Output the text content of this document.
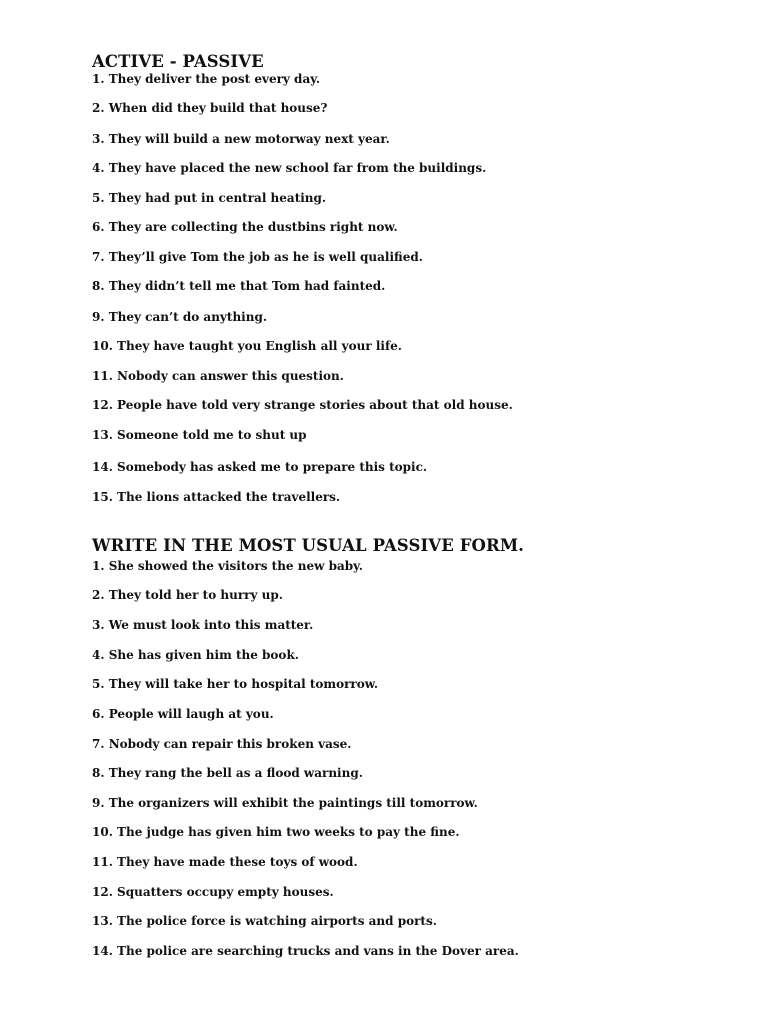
ACTIVE - PASSIVE
1. They deliver the post every day.
2. When did they build that house?
3. They will build a new motorway next year.
4. They have placed the new school far from the buildings.
5. They had put in central heating.
6. They are collecting the dustbins right now.
7. They’ll give Tom the job as he is well qualified.
8. They didn’t tell me that Tom had fainted.
9. They can’t do anything.
10. They have taught you English all your life.
11. Nobody can answer this question.
12. People have told very strange stories about that old house.
13. Someone told me to shut up
14. Somebody has asked me to prepare this topic.
15. The lions attacked the travellers.
WRITE IN THE MOST USUAL PASSIVE FORM.
1. She showed the visitors the new baby.
2. They told her to hurry up.
3. We must look into this matter.
4. She has given him the book.
5. They will take her to hospital tomorrow.
6. People will laugh at you.
7. Nobody can repair this broken vase.
8. They rang the bell as a flood warning.
9. The organizers will exhibit the paintings till tomorrow.
10. The judge has given him two weeks to pay the fine.
11. They have made these toys of wood.
12. Squatters occupy empty houses.
13. The police force is watching airports and ports.
14. The police are searching trucks and vans in the Dover area.
